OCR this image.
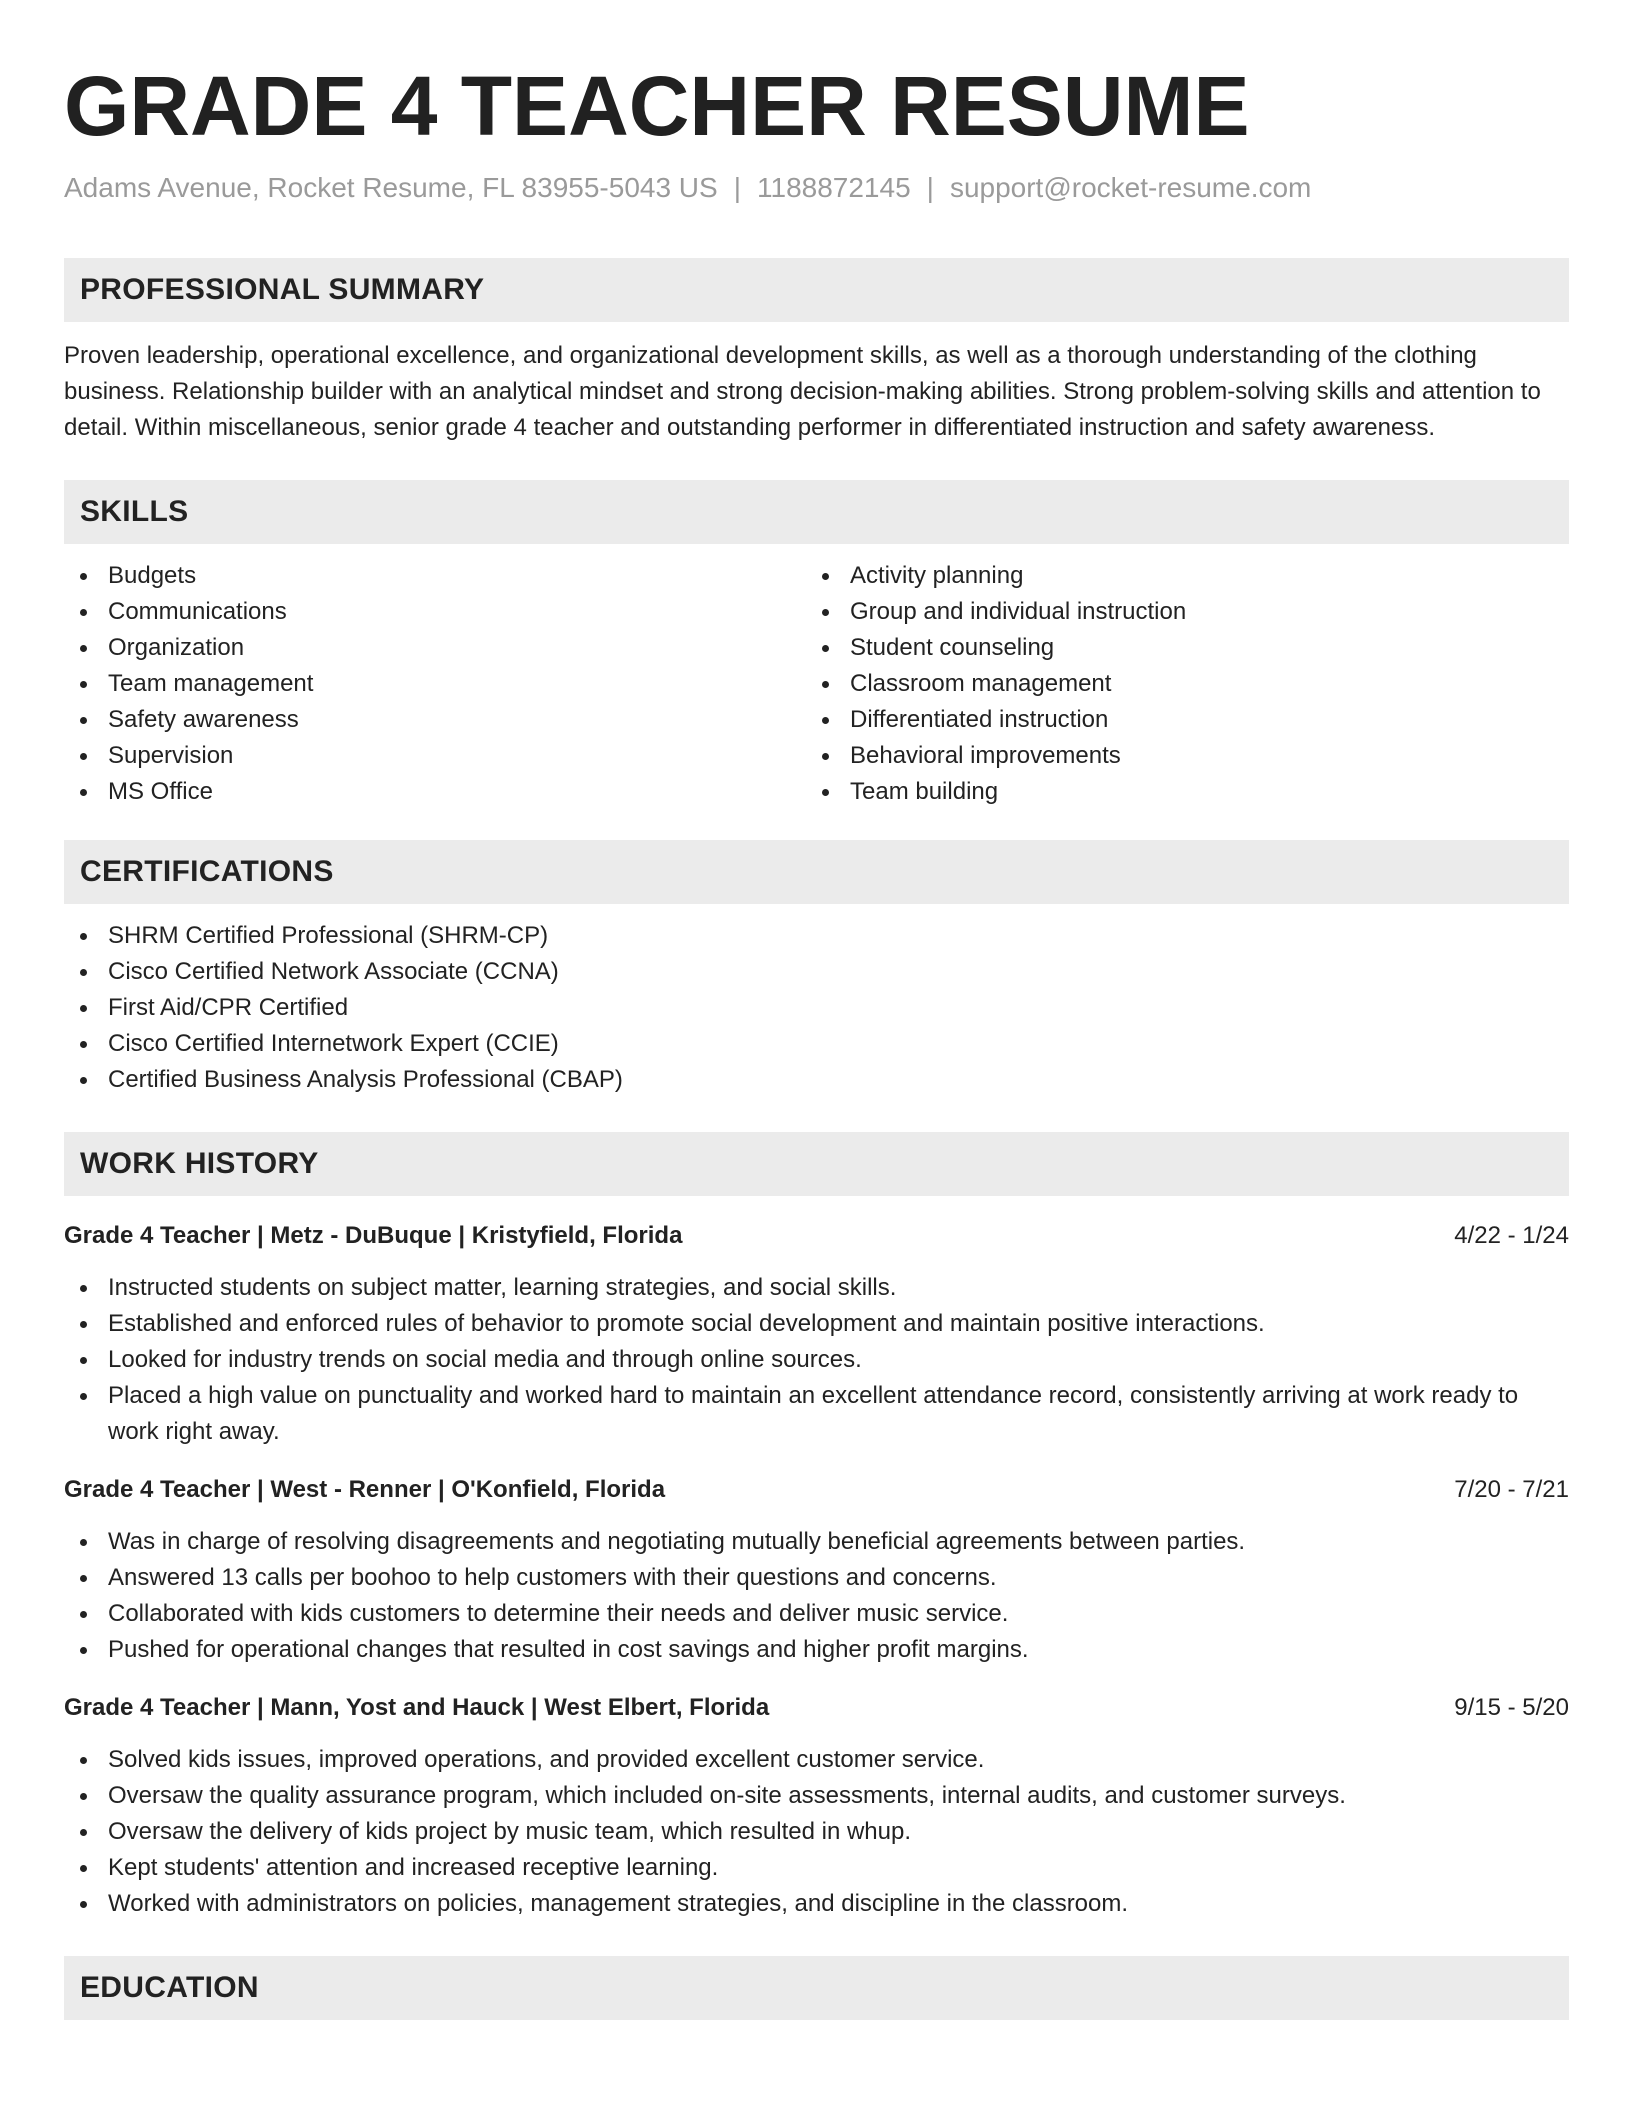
GRADE 4 TEACHER RESUME
Adams Avenue, Rocket Resume, FL 83955-5043 US | 1188872145 | support@rocket-resume.com
PROFESSIONAL SUMMARY

Proven leadership, operational excellence, and organizational development skills, as well as a thorough understanding of the clothing business. Relationship builder with an analytical mindset and strong decision-making abilities. Strong problem-solving skills and attention to detail. Within miscellaneous, senior grade 4 teacher and outstanding performer in differentiated instruction and safety awareness.

SKILLS
Budgets
Communications
Organization
Team management
Safety awareness
Supervision
MS Office
Activity planning
Group and individual instruction
Student counseling
Classroom management
Differentiated instruction
Behavioral improvements
Team building
CERTIFICATIONS
SHRM Certified Professional (SHRM-CP)
Cisco Certified Network Associate (CCNA)
First Aid/CPR Certified
Cisco Certified Internetwork Expert (CCIE)
Certified Business Analysis Professional (CBAP)
WORK HISTORY
Grade 4 Teacher | Metz - DuBuque | Kristyfield, Florida	4/22 - 1/24
Instructed students on subject matter, learning strategies, and social skills.
Established and enforced rules of behavior to promote social development and maintain positive interactions.
Looked for industry trends on social media and through online sources.
Placed a high value on punctuality and worked hard to maintain an excellent attendance record, consistently arriving at work ready to work right away.
Grade 4 Teacher | West - Renner | O'Konfield, Florida	7/20 - 7/21
Was in charge of resolving disagreements and negotiating mutually beneficial agreements between parties.
Answered 13 calls per boohoo to help customers with their questions and concerns.
Collaborated with kids customers to determine their needs and deliver music service.
Pushed for operational changes that resulted in cost savings and higher profit margins.
Grade 4 Teacher | Mann, Yost and Hauck | West Elbert, Florida	9/15 - 5/20
Solved kids issues, improved operations, and provided excellent customer service.
Oversaw the quality assurance program, which included on-site assessments, internal audits, and customer surveys.
Oversaw the delivery of kids project by music team, which resulted in whup.
Kept students' attention and increased receptive learning.
Worked with administrators on policies, management strategies, and discipline in the classroom.
EDUCATION
